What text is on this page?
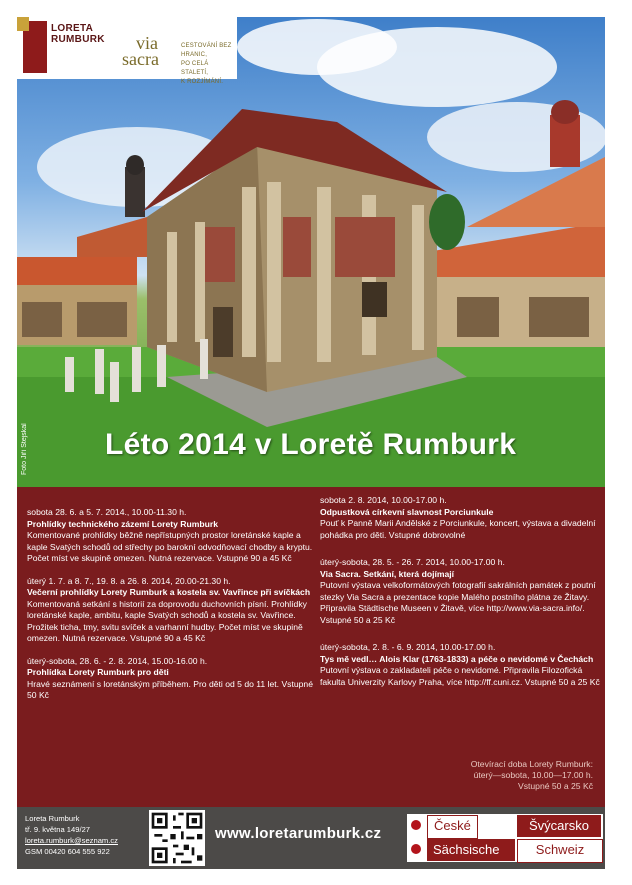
LORETA
RUMBURK	via
sacra
CESTOVÁNÍ BEZ HRANIC,
PO CELÁ STALETÍ,
K ROZJÍMÁNÍ.
Foto Jiří Stejskal	Léto 2014 v Loretě Rumburk
sobota 28. 6. a 5. 7. 2014., 10.00-11.30 h.
Prohlídky technického zázemí Lorety Rumburk
Komentované prohlídky běžně nepřístupných prostor loretánské kaple a kaple Svatých schodů od střechy po barokní odvodňovací chodby a kryptu. Počet míst ve skupině omezen. Nutná rezervace. Vstupné 90 a 45 Kč
úterý 1. 7. a 8. 7., 19. 8. a 26. 8. 2014, 20.00-21.30 h.
Večerní prohlídky Lorety Rumburk a kostela sv. Vavřince při svíčkách
Komentovaná setkání s historií za doprovodu duchovních písní. Prohlídky loretánské kaple, ambitu, kaple Svatých schodů a kostela sv. Vavřince. Prožitek ticha, tmy, svitu svíček a varhanní hudby. Počet míst ve skupině omezen. Nutná rezervace. Vstupné 90 a 45 Kč
úterý-sobota, 28. 6. - 2. 8. 2014, 15.00-16.00 h.
Prohlídka Lorety Rumburk pro děti
Hravé seznámení s loretánským příběhem. Pro děti od 5 do 11 let. Vstupné 50 Kč
sobota 2. 8. 2014, 10.00-17.00 h.
Odpustková církevní slavnost Porciunkule
Pouť k Panně Marii Andělské z Porciunkule, koncert, výstava a divadelní pohádka pro děti. Vstupné dobrovolné
úterý-sobota, 28. 5. - 26. 7. 2014, 10.00-17.00 h.
Via Sacra. Setkání, která dojímají
Putovní výstava velkoformátových fotografií sakrálních památek z poutní stezky Via Sacra a prezentace kopie Malého postního plátna ze Žitavy. Připravila Städtische Museen v Žitavě, více http://www.via-sacra.info/. Vstupné 50 a 25 Kč
úterý-sobota, 2. 8. - 6. 9. 2014, 10.00-17.00 h.
Tys mě vedl… Alois Klar (1763-1833) a péče o nevidomé v Čechách
Putovní výstava o zakladateli péče o nevidomé. Připravila Filozofická fakulta Univerzity Karlovy Praha, více http://ff.cuni.cz. Vstupné 50 a 25 Kč
Otevírací doba Lorety Rumburk:
úterý—sobota, 10.00—17.00 h.
Vstupné 50 a 25 Kč
Loreta Rumburk
tř. 9. května 149/27
loreta.rumburk@seznam.cz
GSM 00420 604 555 922
www.loretarumburk.cz	České	Švýcarsko
Sächsische	Schweiz
